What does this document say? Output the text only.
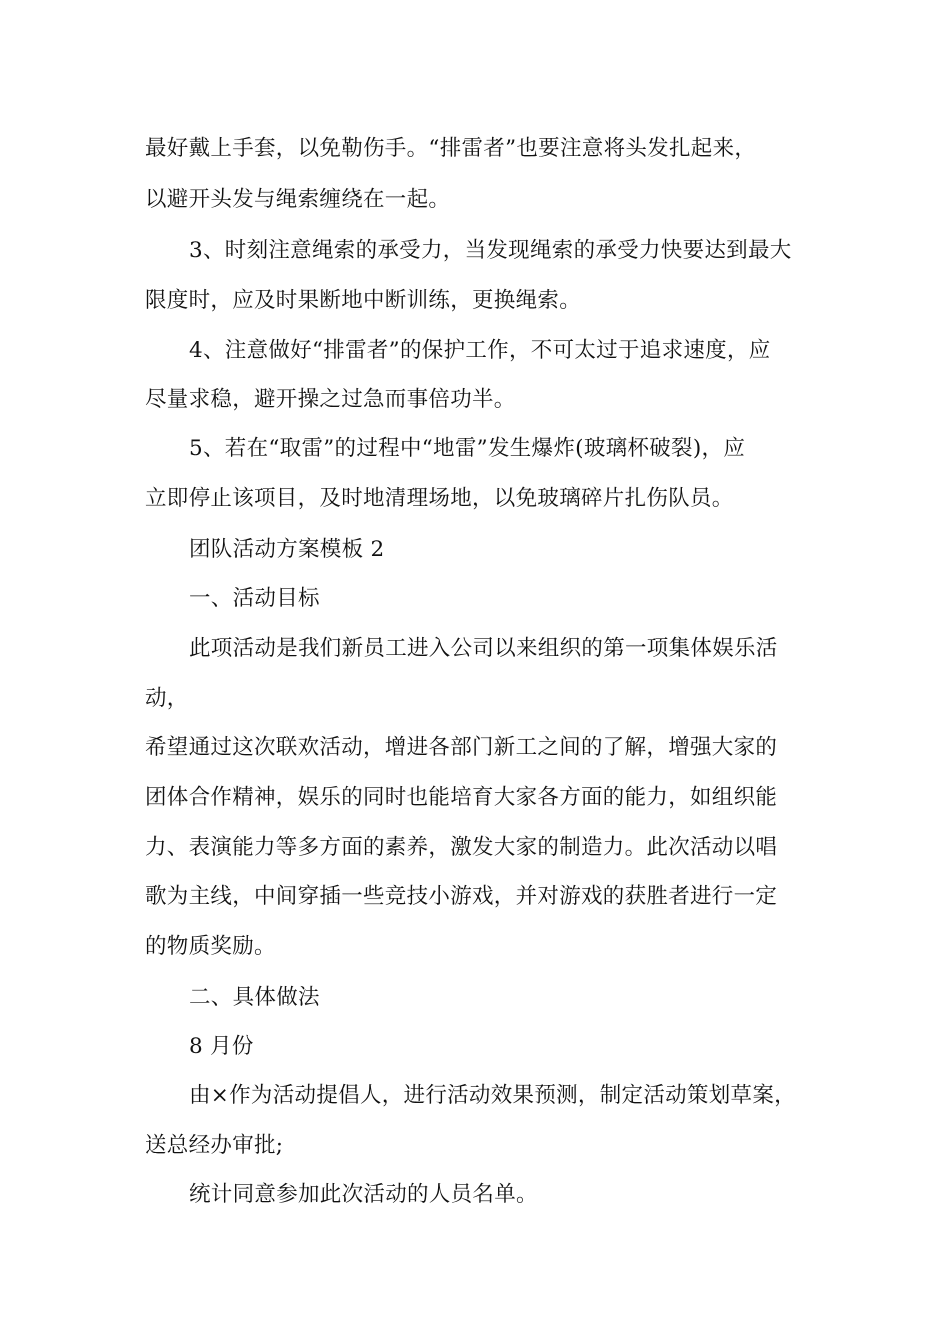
最好戴上手套，以免勒伤手。“排雷者”也要注意将头发扎起来，
以避开头发与绳索缠绕在一起。
3、时刻注意绳索的承受力，当发现绳索的承受力快要达到最大
限度时，应及时果断地中断训练，更换绳索。
4、注意做好“排雷者”的保护工作，不可太过于追求速度，应
尽量求稳，避开操之过急而事倍功半。
5、若在“取雷”的过程中“地雷”发生爆炸(玻璃杯破裂)，应
立即停止该项目，及时地清理场地，以免玻璃碎片扎伤队员。
团队活动方案模板 2
一、活动目标
此项活动是我们新员工进入公司以来组织的第一项集体娱乐活
动，
希望通过这次联欢活动，增进各部门新工之间的了解，增强大家的
团体合作精神，娱乐的同时也能培育大家各方面的能力，如组织能
力、表演能力等多方面的素养，激发大家的制造力。此次活动以唱
歌为主线，中间穿插一些竞技小游戏，并对游戏的获胜者进行一定
的物质奖励。
二、具体做法
8 月份
由×作为活动提倡人，进行活动效果预测，制定活动策划草案，
送总经办审批;
统计同意参加此次活动的人员名单。
